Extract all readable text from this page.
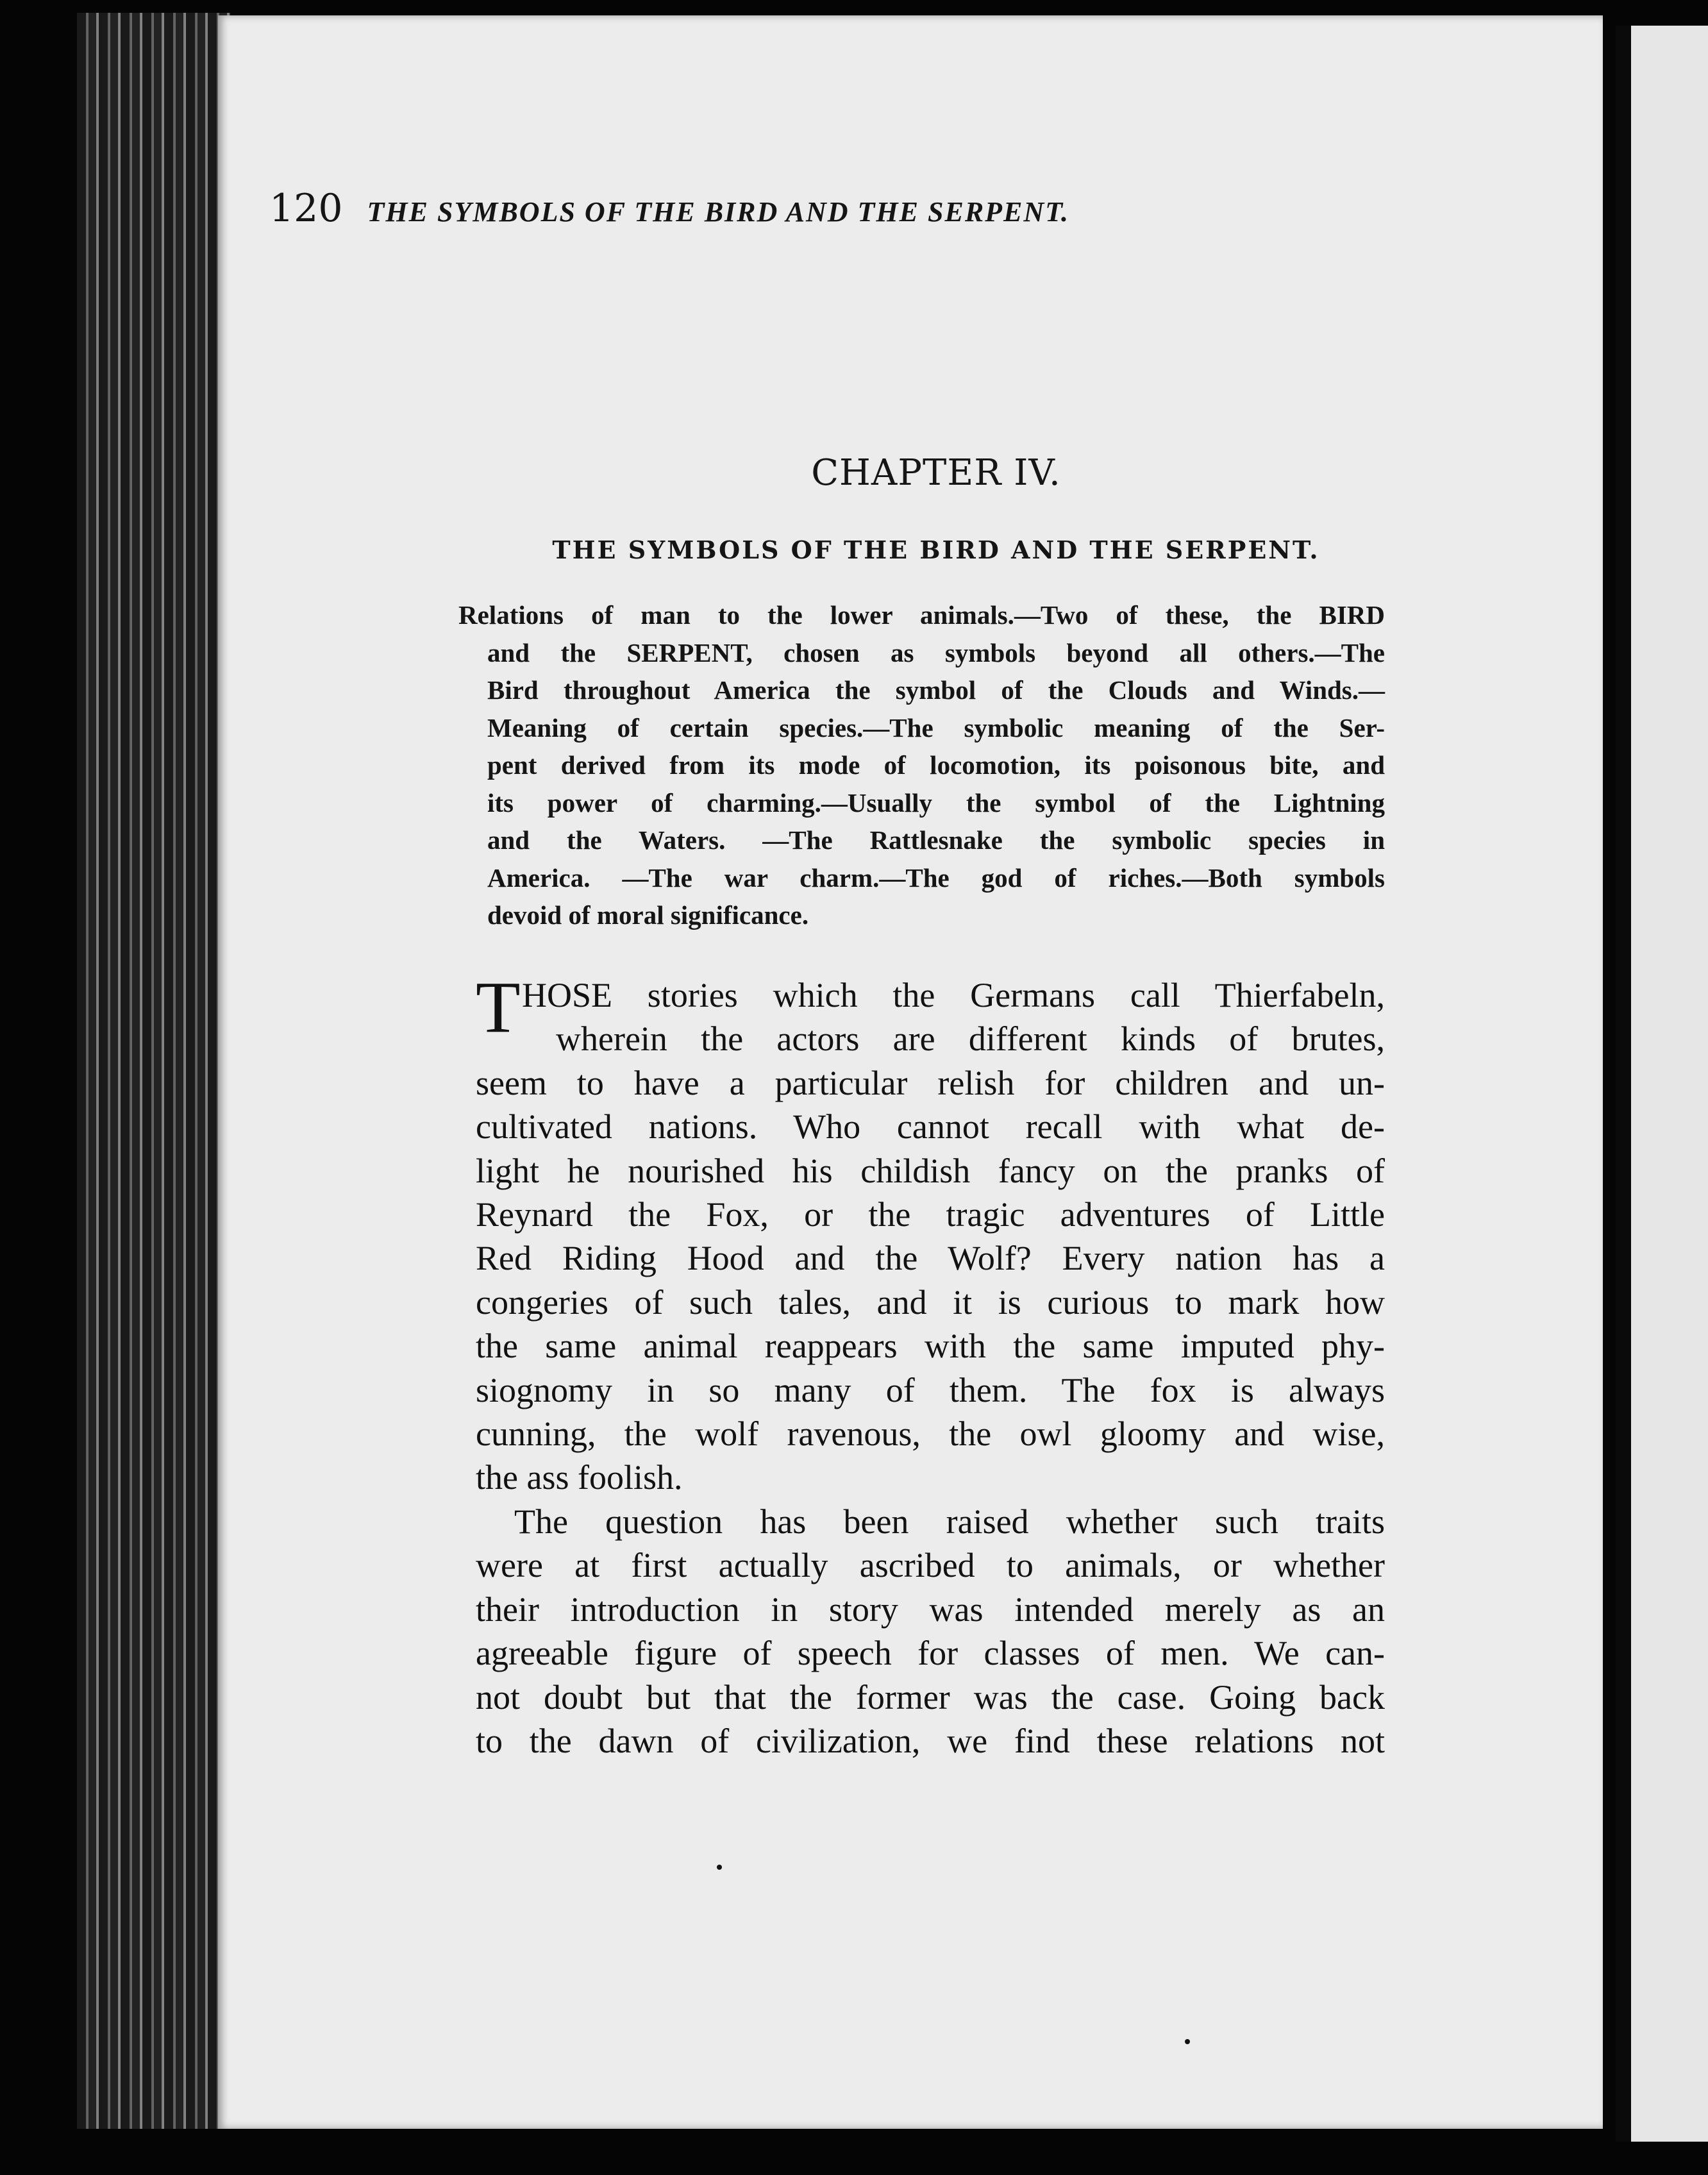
120 THE SYMBOLS OF THE BIRD AND THE SERPENT.
CHAPTER IV.
THE SYMBOLS OF THE BIRD AND THE SERPENT.
Relations of man to the lower animals.—Two of these, the BIRD
and the SERPENT, chosen as symbols beyond all others.—The
Bird throughout America the symbol of the Clouds and Winds.—
Meaning of certain species.—The symbolic meaning of the Ser-
pent derived from its mode of locomotion, its poisonous bite, and
its power of charming.—Usually the symbol of the Lightning
and the Waters. —The Rattlesnake the symbolic species in
America. —The war charm.—The god of riches.—Both symbols
devoid of moral significance.
T HOSE stories which the Germans call Thierfabeln,
wherein the actors are different kinds of brutes,
seem to have a particular relish for children and un-
cultivated nations. Who cannot recall with what de-
light he nourished his childish fancy on the pranks of
Reynard the Fox, or the tragic adventures of Little
Red Riding Hood and the Wolf? Every nation has a
congeries of such tales, and it is curious to mark how
the same animal reappears with the same imputed phy-
siognomy in so many of them. The fox is always
cunning, the wolf ravenous, the owl gloomy and wise,
the ass foolish.
The question has been raised whether such traits
were at first actually ascribed to animals, or whether
their introduction in story was intended merely as an
agreeable figure of speech for classes of men. We can-
not doubt but that the former was the case. Going back
to the dawn of civilization, we find these relations not
